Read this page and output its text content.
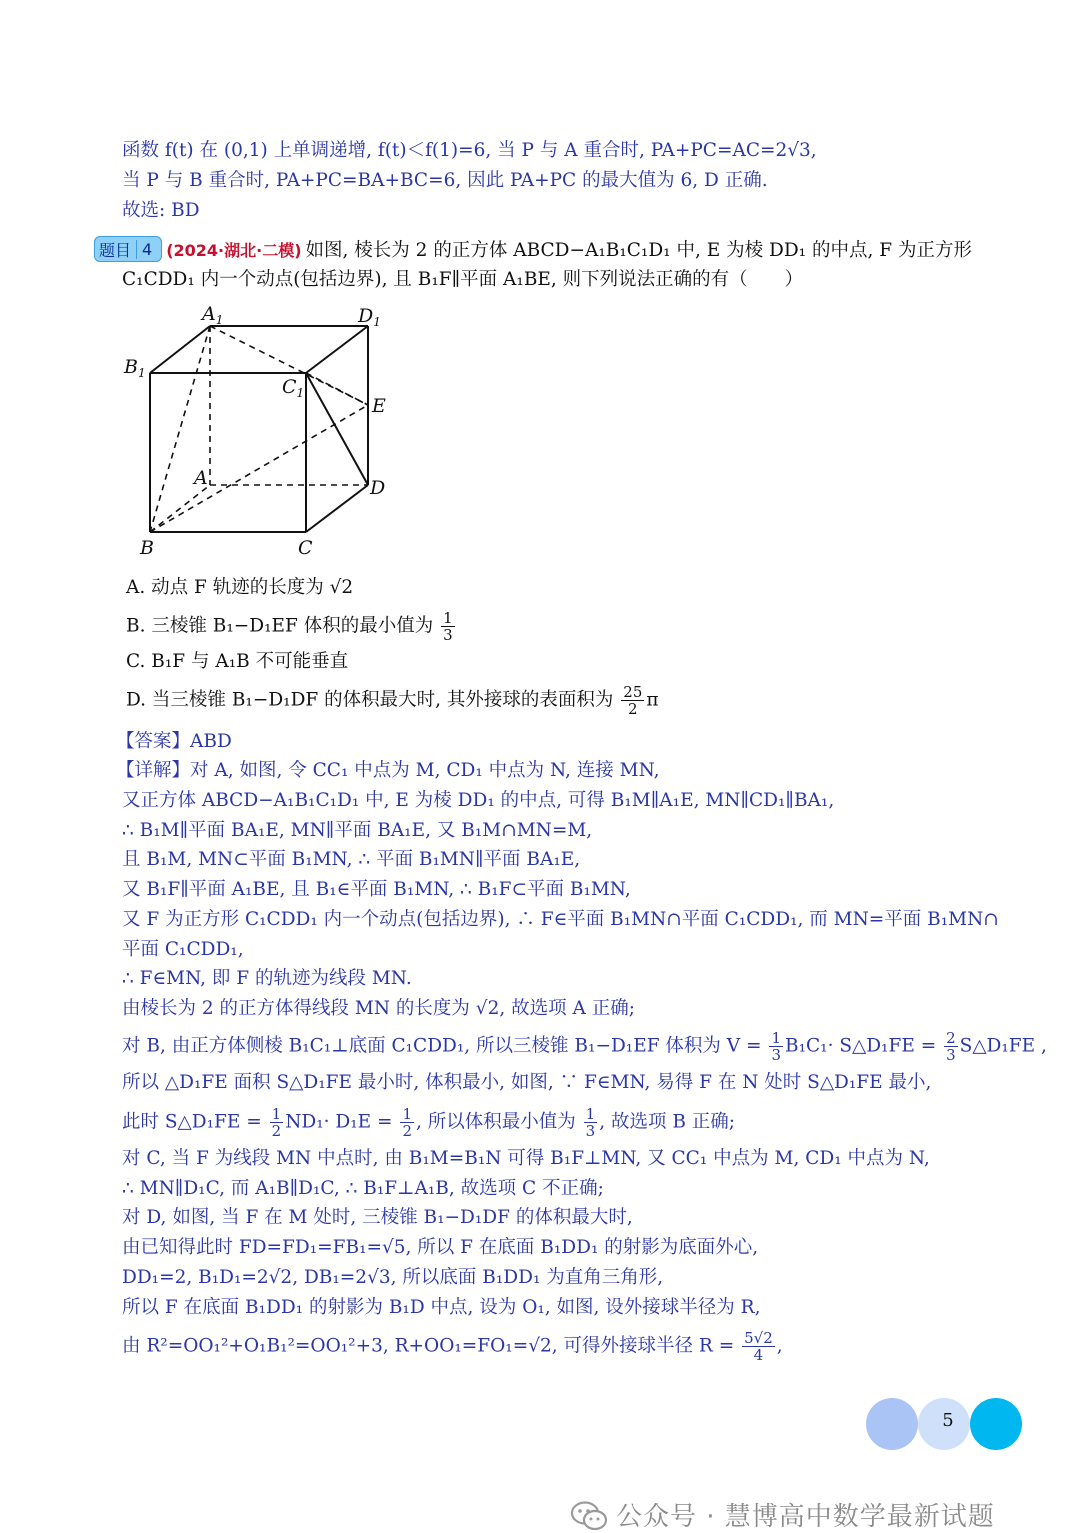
函数 f(t) 在 (0,1) 上单调递增, f(t)＜f(1)=6, 当 P 与 A 重合时, PA+PC=AC=2√3,
当 P 与 B 重合时, PA+PC=BA+BC=6, 因此 PA+PC 的最大值为 6, D 正确.
故选: BD
题目 4 (2024·湖北·二模) 如图, 棱长为 2 的正方体 ABCD−A₁B₁C₁D₁ 中, E 为棱 DD₁ 的中点, F 为正方形
C₁CDD₁ 内一个动点(包括边界), 且 B₁F∥平面 A₁BE, 则下列说法正确的有（　　）
$A_1$	$D_1$
$B_1$
$C_1$
E
A	D
B	C
A. 动点 F 轨迹的长度为 √2
B. 三棱锥 B₁−D₁EF 体积的最小值为 $\frac{1}{3}$
C. B₁F 与 A₁B 不可能垂直
D. 当三棱锥 B₁−D₁DF 的体积最大时, 其外接球的表面积为 $\frac{25}{2}$ π
【答案】ABD
【详解】对 A, 如图, 令 CC₁ 中点为 M, CD₁ 中点为 N, 连接 MN,
又正方体 ABCD−A₁B₁C₁D₁ 中, E 为棱 DD₁ 的中点, 可得 B₁M∥A₁E, MN∥CD₁∥BA₁,
∴ B₁M∥平面 BA₁E, MN∥平面 BA₁E, 又 B₁M∩MN=M,
且 B₁M, MN⊂平面 B₁MN, ∴ 平面 B₁MN∥平面 BA₁E,
又 B₁F∥平面 A₁BE, 且 B₁∈平面 B₁MN, ∴ B₁F⊂平面 B₁MN,
又 F 为正方形 C₁CDD₁ 内一个动点(包括边界), ∴ F∈平面 B₁MN∩平面 C₁CDD₁, 而 MN=平面 B₁MN∩
平面 C₁CDD₁,
∴ F∈MN, 即 F 的轨迹为线段 MN.
由棱长为 2 的正方体得线段 MN 的长度为 √2, 故选项 A 正确;
对 B, 由正方体侧棱 B₁C₁⊥底面 C₁CDD₁, 所以三棱锥 B₁−D₁EF 体积为 $V = \frac{1}{3} B_1C_1\cdot$ S△D₁FE = $\frac{2}{3}$ S△D₁FE ,
所以 △D₁FE 面积 S△D₁FE 最小时, 体积最小, 如图, ∵ F∈MN, 易得 F 在 N 处时 S△D₁FE 最小,
此时 S△D₁FE = $\frac{1}{2} ND_1\cdot D_1E = \frac{1}{2}$ , 所以体积最小值为 $\frac{1}{3}$ , 故选项 B 正确;
对 C, 当 F 为线段 MN 中点时, 由 B₁M=B₁N 可得 B₁F⊥MN, 又 CC₁ 中点为 M, CD₁ 中点为 N,
∴ MN∥D₁C, 而 A₁B∥D₁C, ∴ B₁F⊥A₁B, 故选项 C 不正确;
对 D, 如图, 当 F 在 M 处时, 三棱锥 B₁−D₁DF 的体积最大时,
由已知得此时 FD=FD₁=FB₁=√5, 所以 F 在底面 B₁DD₁ 的射影为底面外心,
DD₁=2, B₁D₁=2√2, DB₁=2√3, 所以底面 B₁DD₁ 为直角三角形,
所以 F 在底面 B₁DD₁ 的射影为 B₁D 中点, 设为 O₁, 如图, 设外接球半径为 R,
由 R²=OO₁²+O₁B₁²=OO₁²+3, R+OO₁=FO₁=√2, 可得外接球半径 $R = \frac{5√2}{4}$ ,
5
公众号 · 慧博高中数学最新试题
